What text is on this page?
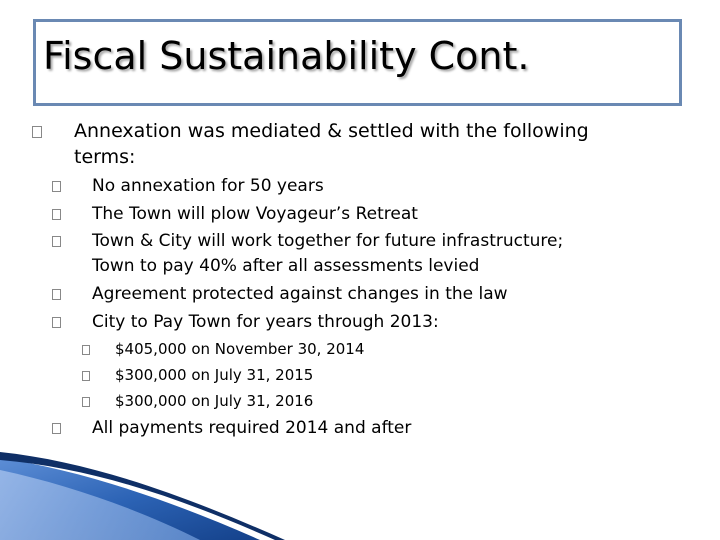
Fiscal Sustainability Cont.
Annexation was mediated & settled with the following
terms:
No annexation for 50 years
The Town will plow Voyageur’s Retreat
Town & City will work together for future infrastructure;
Town to pay 40% after all assessments levied
Agreement protected against changes in the law
City to Pay Town for years through 2013:
$405,000 on November 30, 2014
$300,000 on July 31, 2015
$300,000 on July 31, 2016
All payments required 2014 and after
